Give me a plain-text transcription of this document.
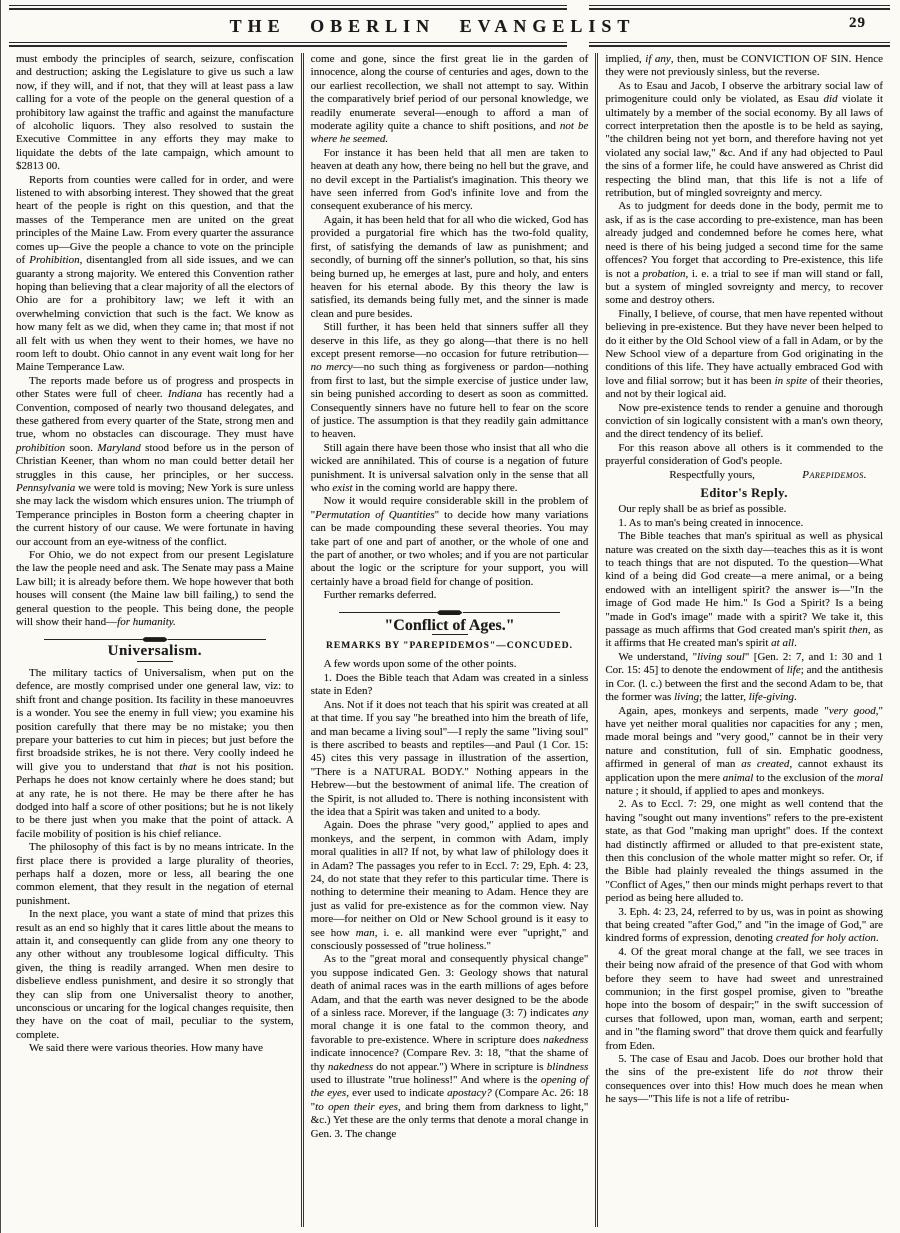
THE OBERLIN EVANGELIST	29

must embody the principles of search, seizure, confiscation and destruction; asking the Legislature to give us such a law now, if they will, and if not, that they will at least pass a law calling for a vote of the people on the general question of a prohibitory law against the traffic and against the manufacture of alcoholic liquors. They also resolved to sustain the Executive Committee in any efforts they may make to liquidate the debts of the late campaign, which amount to $2813 00.

Reports from counties were called for in order, and were listened to with absorbing interest. They showed that the great heart of the people is right on this question, and that the masses of the Temperance men are united on the great principles of the Maine Law. From every quarter the assurance comes up—Give the people a chance to vote on the principle of Prohibition, disentangled from all side issues, and we can guaranty a strong majority. We entered this Convention rather hoping than believing that a clear majority of all the electors of Ohio are for a prohibitory law; we left it with an overwhelming conviction that such is the fact. We know as how many felt as we did, when they came in; that most if not all felt with us when they went to their homes, we have no room left to doubt. Ohio cannot in any event wait long for her Maine Temperance Law.

The reports made before us of progress and prospects in other States were full of cheer. Indiana has recently had a Convention, composed of nearly two thousand delegates, and these gathered from every quarter of the State, strong men and true, whom no obstacles can discourage. They must have prohibition soon. Maryland stood before us in the person of Christian Keener, than whom no man could better detail her struggles in this cause, her principles, or her success. Pennsylvania we were told is moving; New York is sure unless she may lack the wisdom which ensures union. The triumph of Temperance principles in Boston form a cheering chapter in the current history of our cause. We were fortunate in having our account from an eye-witness of the conflict.

For Ohio, we do not expect from our present Legislature the law the people need and ask. The Senate may pass a Maine Law bill; it is already before them. We hope however that both houses will consent (the Maine law bill failing,) to send the general question to the people. This being done, the people will show their hand—for humanity.

Universalism.

The military tactics of Universalism, when put on the defence, are mostly comprised under one general law, viz: to shift front and change position. Its facility in these manoeuvres is a wonder. You see the enemy in full view; you examine his position carefully that there may be no mistake; you then prepare your batteries to cut him in pieces; but just before the first broadside strikes, he is not there. Very coolly indeed he will give you to understand that that is not his position. Perhaps he does not know certainly where he does stand; but at any rate, he is not there. He may be there after he has dodged into half a score of other positions; but he is not likely to be there just when you make that the point of attack. A facile mobility of position is his chief reliance.

The philosophy of this fact is by no means intricate. In the first place there is provided a large plurality of theories, perhaps half a dozen, more or less, all bearing the one common element, that they result in the negation of eternal punishment.

In the next place, you want a state of mind that prizes this result as an end so highly that it cares little about the means to attain it, and consequently can glide from any one theory to any other without any troublesome logical difficulty. This given, the thing is readily arranged. When men desire to disbelieve endless punishment, and desire it so strongly that they can slip from one Universalist theory to another, unconscious or uncaring for the logical changes requisite, then they have on the coat of mail, peculiar to the system, complete.

We said there were various theories. How many have

come and gone, since the first great lie in the garden of innocence, along the course of centuries and ages, down to the our earliest recollection, we shall not attempt to say. Within the comparatively brief period of our personal knowledge, we readily enumerate several—enough to afford a man of moderate agility quite a chance to shift positions, and not be where he seemed.

For instance it has been held that all men are taken to heaven at death any how, there being no hell but the grave, and no devil except in the Partialist's imagination. This theory we have seen inferred from God's infinite love and from the consequent exuberance of his mercy.

Again, it has been held that for all who die wicked, God has provided a purgatorial fire which has the two-fold quality, first, of satisfying the demands of law as punishment; and secondly, of burning off the sinner's pollution, so that, his sins being burned up, he emerges at last, pure and holy, and enters heaven for his eternal abode. By this theory the law is satisfied, its demands being fully met, and the sinner is made clean and pure besides.

Still further, it has been held that sinners suffer all they deserve in this life, as they go along—that there is no hell except present remorse—no occasion for future retribution—no mercy—no such thing as forgiveness or pardon—nothing from first to last, but the simple exercise of justice under law, sin being punished according to desert as soon as committed. Consequently sinners have no future hell to fear on the score of justice. The assumption is that they readily gain admittance to heaven.

Still again there have been those who insist that all who die wicked are annihilated. This of course is a negation of future punishment. It is universal salvation only in the sense that all who exist in the coming world are happy there.

Now it would require considerable skill in the problem of "Permutation of Quantities" to decide how many variations can be made compounding these several theories. You may take part of one and part of another, or the whole of one and the part of another, or two wholes; and if you are not particular about the logic or the scripture for your support, you will certainly have a broad field for change of position.

Further remarks deferred.

"Conflict of Ages."
REMARKS BY "PAREPIDEMOS"—CONCUDED.

A few words upon some of the other points.

1. Does the Bible teach that Adam was created in a sinless state in Eden?

Ans. Not if it does not teach that his spirit was created at all at that time. If you say "he breathed into him the breath of life, and man became a living soul"—I reply the same "living soul" is there ascribed to beasts and reptiles—and Paul (1 Cor. 15: 45) cites this very passage in illustration of the assertion, "There is a NATURAL BODY." Nothing appears in the Hebrew—but the bestowment of animal life. The creation of the Spirit, is not alluded to. There is nothing inconsistent with the idea that a Spirit was taken and united to a body.

Again. Does the phrase "very good," applied to apes and monkeys, and the serpent, in common with Adam, imply moral qualities in all? If not, by what law of philology does it in Adam? The passages you refer to in Eccl. 7: 29, Eph. 4: 23, 24, do not state that they refer to this particular time. There is nothing to determine their meaning to Adam. Hence they are just as valid for pre-existence as for the common view. Nay more—for neither on Old or New School ground is it easy to see how man, i. e. all mankind were ever "upright," and consciously possessed of "true holiness."

As to the "great moral and consequently physical change" you suppose indicated Gen. 3: Geology shows that natural death of animal races was in the earth millions of ages before Adam, and that the earth was never designed to be the abode of a sinless race. Morever, if the language (3: 7) indicates any moral change it is one fatal to the common theory, and favorable to pre-existence. Where in scripture does nakedness indicate innocence? (Compare Rev. 3: 18, "that the shame of thy nakedness do not appear.") Where in scripture is blindness used to illustrate "true holiness!" And where is the opening of the eyes, ever used to indicate apostacy? (Compare Ac. 26: 18 "to open their eyes, and bring them from darkness to light," &c.) Yet these are the only terms that denote a moral change in Gen. 3. The change

implied, if any, then, must be CONVICTION OF SIN. Hence they were not previously sinless, but the reverse.

As to Esau and Jacob, I observe the arbitrary social law of primogeniture could only be violated, as Esau did violate it ultimately by a member of the social economy. By all laws of correct interpretation then the apostle is to be held as saying, "the children being not yet born, and therefore having not yet violated any social law," &c. And if any had objected to Paul the sins of a former life, he could have answered as Christ did respecting the blind man, that this life is not a life of retribution, but of mingled sovreignty and mercy.

As to judgment for deeds done in the body, permit me to ask, if as is the case according to pre-existence, man has been already judged and condemned before he comes here, what need is there of his being judged a second time for the same offences? You forget that according to Pre-existence, this life is not a probation, i. e. a trial to see if man will stand or fall, but a system of mingled sovreignty and mercy, to recover some and destroy others.

Finally, I believe, of course, that men have repented without believing in pre-existence. But they have never been helped to do it either by the Old School view of a fall in Adam, or by the New School view of a departure from God originating in the conditions of this life. They have actually embraced God with love and filial sorrow; but it has been in spite of their theories, and not by their logical aid.

Now pre-existence tends to render a genuine and thorough conviction of sin logically consistent with a man's own theory, and the direct tendency of its belief.

For this reason above all others is it commended to the prayerful consideration of God's people.

Respectfully yours,	Parepidemos.
Editor's Reply.

Our reply shall be as brief as possible.

1. As to man's being created in innocence.

The Bible teaches that man's spiritual as well as physical nature was created on the sixth day—teaches this as it is wont to teach things that are not disputed. To the question—What kind of a being did God create—a mere animal, or a being endowed with an intelligent spirit? the answer is—"In the image of God made He him." Is God a Spirit? Is a being "made in God's image" made with a spirit? We take it, this passage as much affirms that God created man's spirit then, as it affirms that He created man's spirit at all.

We understand, "living soul" [Gen. 2: 7, and 1: 30 and 1 Cor. 15: 45] to denote the endowment of life; and the antithesis in Cor. (l. c.) between the first and the second Adam to be, that the former was living; the latter, life-giving.

Again, apes, monkeys and serpents, made "very good," have yet neither moral qualities nor capacities for any ; men, made moral beings and "very good," cannot be in their very nature and constitution, full of sin. Emphatic goodness, affirmed in general of man as created, cannot exhaust its application upon the mere animal to the exclusion of the moral nature ; it should, if applied to apes and monkeys.

2. As to Eccl. 7: 29, one might as well contend that the having "sought out many inventions" refers to the pre-existent state, as that God "making man upright" does. If the context had distinctly affirmed or alluded to that pre-existent state, then this conclusion of the whole matter might so refer. Or, if the Bible had plainly revealed the things assumed in the "Conflict of Ages," then our minds might perhaps revert to that period as being here alluded to.

3. Eph. 4: 23, 24, referred to by us, was in point as showing that being created "after God," and "in the image of God," are kindred forms of expression, denoting created for holy action.

4. Of the great moral change at the fall, we see traces in their being now afraid of the presence of that God with whom before they seem to have had sweet and unrestrained communion; in the first gospel promise, given to "breathe hope into the bosom of despair;" in the swift succession of curses that followed, upon man, woman, earth and serpent; and in "the flaming sword" that drove them quick and fearfully from Eden.

5. The case of Esau and Jacob. Does our brother hold that the sins of the pre-existent life do not throw their consequences over into this! How much does he mean when he says—"This life is not a life of retribu-
